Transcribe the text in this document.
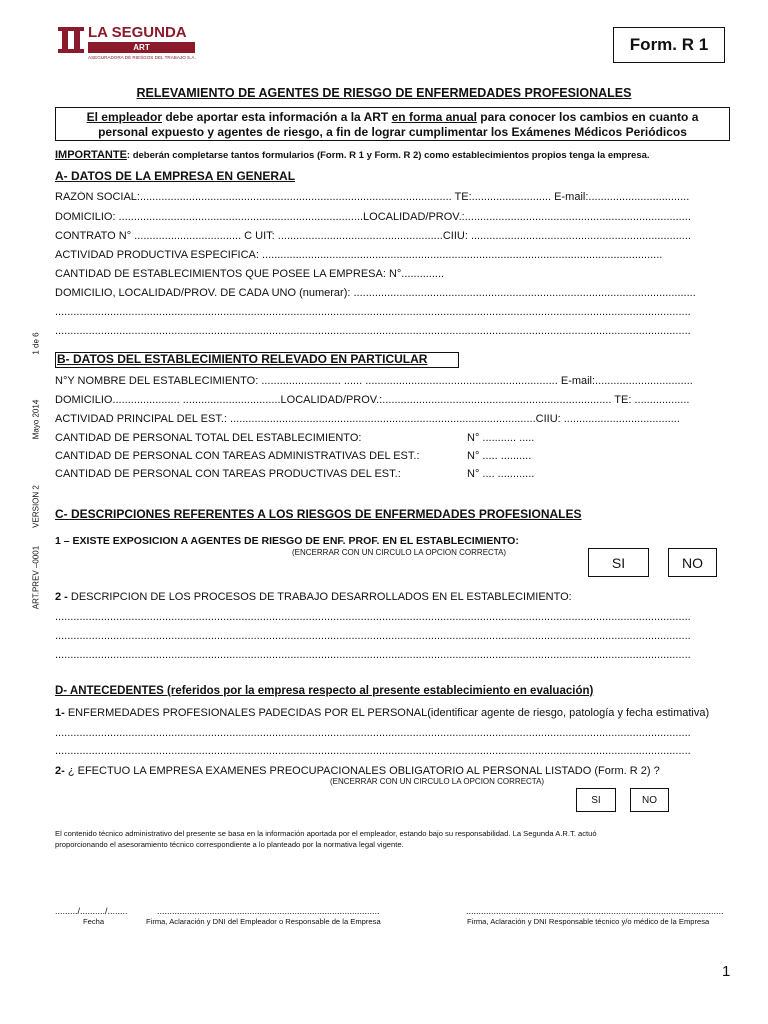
LA SEGUNDA
ART
ASEGURADORA DE RIESGOS DEL TRABAJO S.A.
Form. R 1
RELEVAMIENTO DE AGENTES DE RIESGO DE ENFERMEDADES PROFESIONALES
El empleador debe aportar esta información a la ART en forma anual para conocer los cambios en cuanto a
personal expuesto y agentes de riesgo, a fin de lograr cumplimentar los Exámenes Médicos Periódicos
IMPORTANTE: deberán completarse tantos formularios (Form. R 1 y Form. R 2) como establecimientos propios tenga la empresa.
A- DATOS DE LA EMPRESA EN GENERAL
RAZÓN SOCIAL:...................................................................................................... TE:.......................... E-mail:.................................
DOMICILIO: ................................................................................LOCALIDAD/PROV.:..........................................................................
CONTRATO N° ................................... C UIT: ......................................................CIIU: ........................................................................
ACTIVIDAD PRODUCTIVA ESPECIFICA: ...................................................................................................................................
CANTIDAD DE ESTABLECIMIENTOS QUE POSEE LA EMPRESA: N°..............
DOMICILIO, LOCALIDAD/PROV. DE CADA UNO (numerar): ................................................................................................................
................................................................................................................................................................................................................
................................................................................................................................................................................................................
B- DATOS DEL ESTABLECIMIENTO RELEVADO EN PARTICULAR
N°Y NOMBRE DEL ESTABLECIMIENTO: .......................... ...... ............................................................... E-mail:................................
DOMICILIO...................... ................................LOCALIDAD/PROV.:........................................................................... TE: ..................
ACTIVIDAD PRINCIPAL DEL EST.: ....................................................................................................CIIU: ......................................
CANTIDAD DE PERSONAL TOTAL DEL ESTABLECIMIENTO:	N° ........... .....
CANTIDAD DE PERSONAL CON TAREAS ADMINISTRATIVAS DEL EST.:	N° ..... ..........
CANTIDAD DE PERSONAL CON TAREAS PRODUCTIVAS DEL EST.:	N° .... ............
C- DESCRIPCIONES REFERENTES A LOS RIESGOS DE ENFERMEDADES PROFESIONALES
1 – EXISTE EXPOSICION A AGENTES DE RIESGO DE ENF. PROF. EN EL ESTABLECIMIENTO:
(ENCERRAR CON UN CIRCULO LA OPCION CORRECTA)
SI	NO
2 - DESCRIPCION DE LOS PROCESOS DE TRABAJO DESARROLLADOS EN EL ESTABLECIMIENTO:
................................................................................................................................................................................................................
................................................................................................................................................................................................................
................................................................................................................................................................................................................
D- ANTECEDENTES (referidos por la empresa respecto al presente establecimiento en evaluación)
1- ENFERMEDADES PROFESIONALES PADECIDAS POR EL PERSONAL(identificar agente de riesgo, patología y fecha estimativa)
................................................................................................................................................................................................................
................................................................................................................................................................................................................
2- ¿ EFECTUO LA EMPRESA EXAMENES PREOCUPACIONALES OBLIGATORIO AL PERSONAL LISTADO (Form. R 2) ?
(ENCERRAR CON UN CIRCULO LA OPCION CORRECTA)
SI	NO
El contenido técnico administrativo del presente se basa en la información aportada por el empleador, estando bajo su responsabilidad. La Segunda A.R.T. actuó
proporcionando el asesoramiento técnico correspondiente a lo planteado por la normativa legal vigente.
........./........../........	.........................................................................................	.......................................................................................................
Fecha	Firma, Aclaración y DNI del Empleador o Responsable de la Empresa	Firma, Aclaración y DNI Responsable técnico y/o médico de la Empresa
1 de 6
Mayo 2014
VERSION 2
ART.PREV –0001
1
